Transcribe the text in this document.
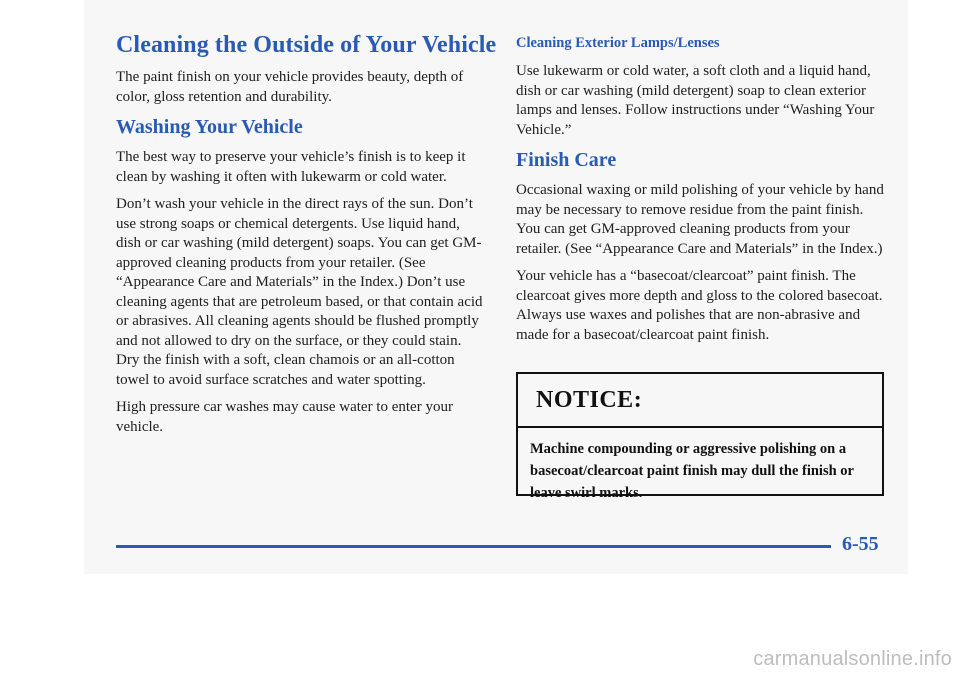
Cleaning the Outside of Your Vehicle

The paint finish on your vehicle provides beauty, depth of color, gloss retention and durability.

Washing Your Vehicle

The best way to preserve your vehicle’s finish is to keep it clean by washing it often with lukewarm or cold water.

Don’t wash your vehicle in the direct rays of the sun. Don’t use strong soaps or chemical detergents. Use liquid hand, dish or car washing (mild detergent) soaps. You can get GM-approved cleaning products from your retailer. (See “Appearance Care and Materials” in the Index.) Don’t use cleaning agents that are petroleum based, or that contain acid or abrasives. All cleaning agents should be flushed promptly and not allowed to dry on the surface, or they could stain. Dry the finish with a soft, clean chamois or an all-cotton towel to avoid surface scratches and water spotting.

High pressure car washes may cause water to enter your vehicle.

Cleaning Exterior Lamps/Lenses

Use lukewarm or cold water, a soft cloth and a liquid hand, dish or car washing (mild detergent) soap to clean exterior lamps and lenses. Follow instructions under “Washing Your Vehicle.”

Finish Care

Occasional waxing or mild polishing of your vehicle by hand may be necessary to remove residue from the paint finish. You can get GM-approved cleaning products from your retailer. (See “Appearance Care and Materials” in the Index.)

Your vehicle has a “basecoat/clearcoat” paint finish. The clearcoat gives more depth and gloss to the colored basecoat. Always use waxes and polishes that are non-abrasive and made for a basecoat/clearcoat paint finish.

NOTICE:
Machine compounding or aggressive polishing on a basecoat/clearcoat paint finish may dull the finish or leave swirl marks.
6-55
carmanualsonline.info
